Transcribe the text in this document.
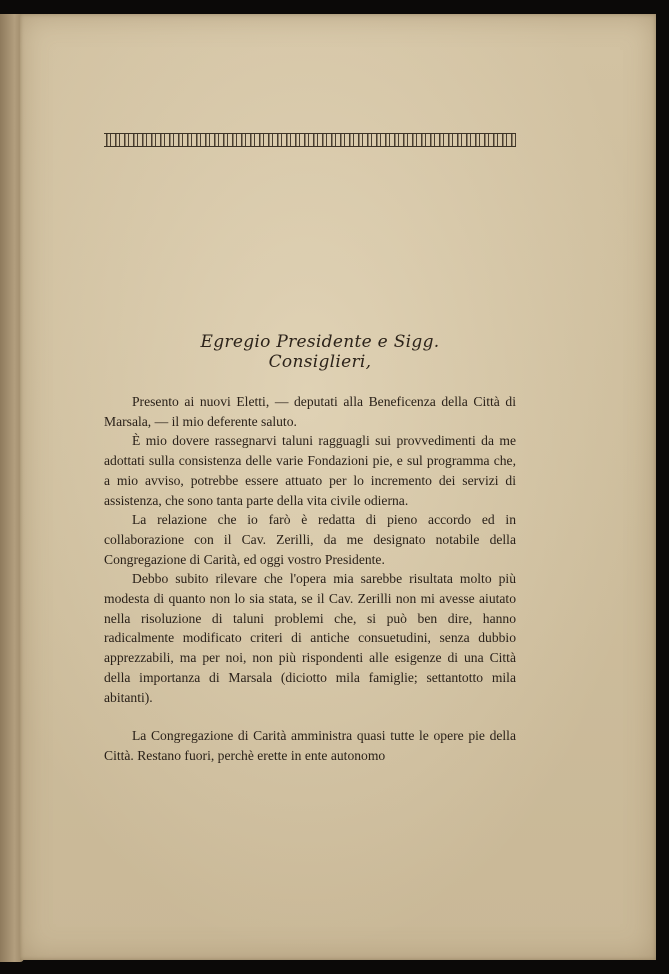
Egregio Presidente e Sigg. Consiglieri,

Presento ai nuovi Eletti, — deputati alla Beneficenza della Città di Marsala, — il mio deferente saluto.

È mio dovere rassegnarvi taluni ragguagli sui provvedimenti da me adottati sulla consistenza delle varie Fondazioni pie, e sul programma che, a mio avviso, potrebbe essere attuato per lo incremento dei servizi di assistenza, che sono tanta parte della vita civile odierna.

La relazione che io farò è redatta di pieno accordo ed in collaborazione con il Cav. Zerilli, da me designato notabile della Congregazione di Carità, ed oggi vostro Presidente.

Debbo subito rilevare che l'opera mia sarebbe risultata molto più modesta di quanto non lo sia stata, se il Cav. Zerilli non mi avesse aiutato nella risoluzione di taluni problemi che, si può ben dire, hanno radicalmente modificato criteri di antiche consuetudini, senza dubbio apprezzabili, ma per noi, non più rispondenti alle esigenze di una Città della importanza di Marsala (diciotto mila famiglie; settantotto mila abitanti).

La Congregazione di Carità amministra quasi tutte le opere pie della Città. Restano fuori, perchè erette in ente autonomo
